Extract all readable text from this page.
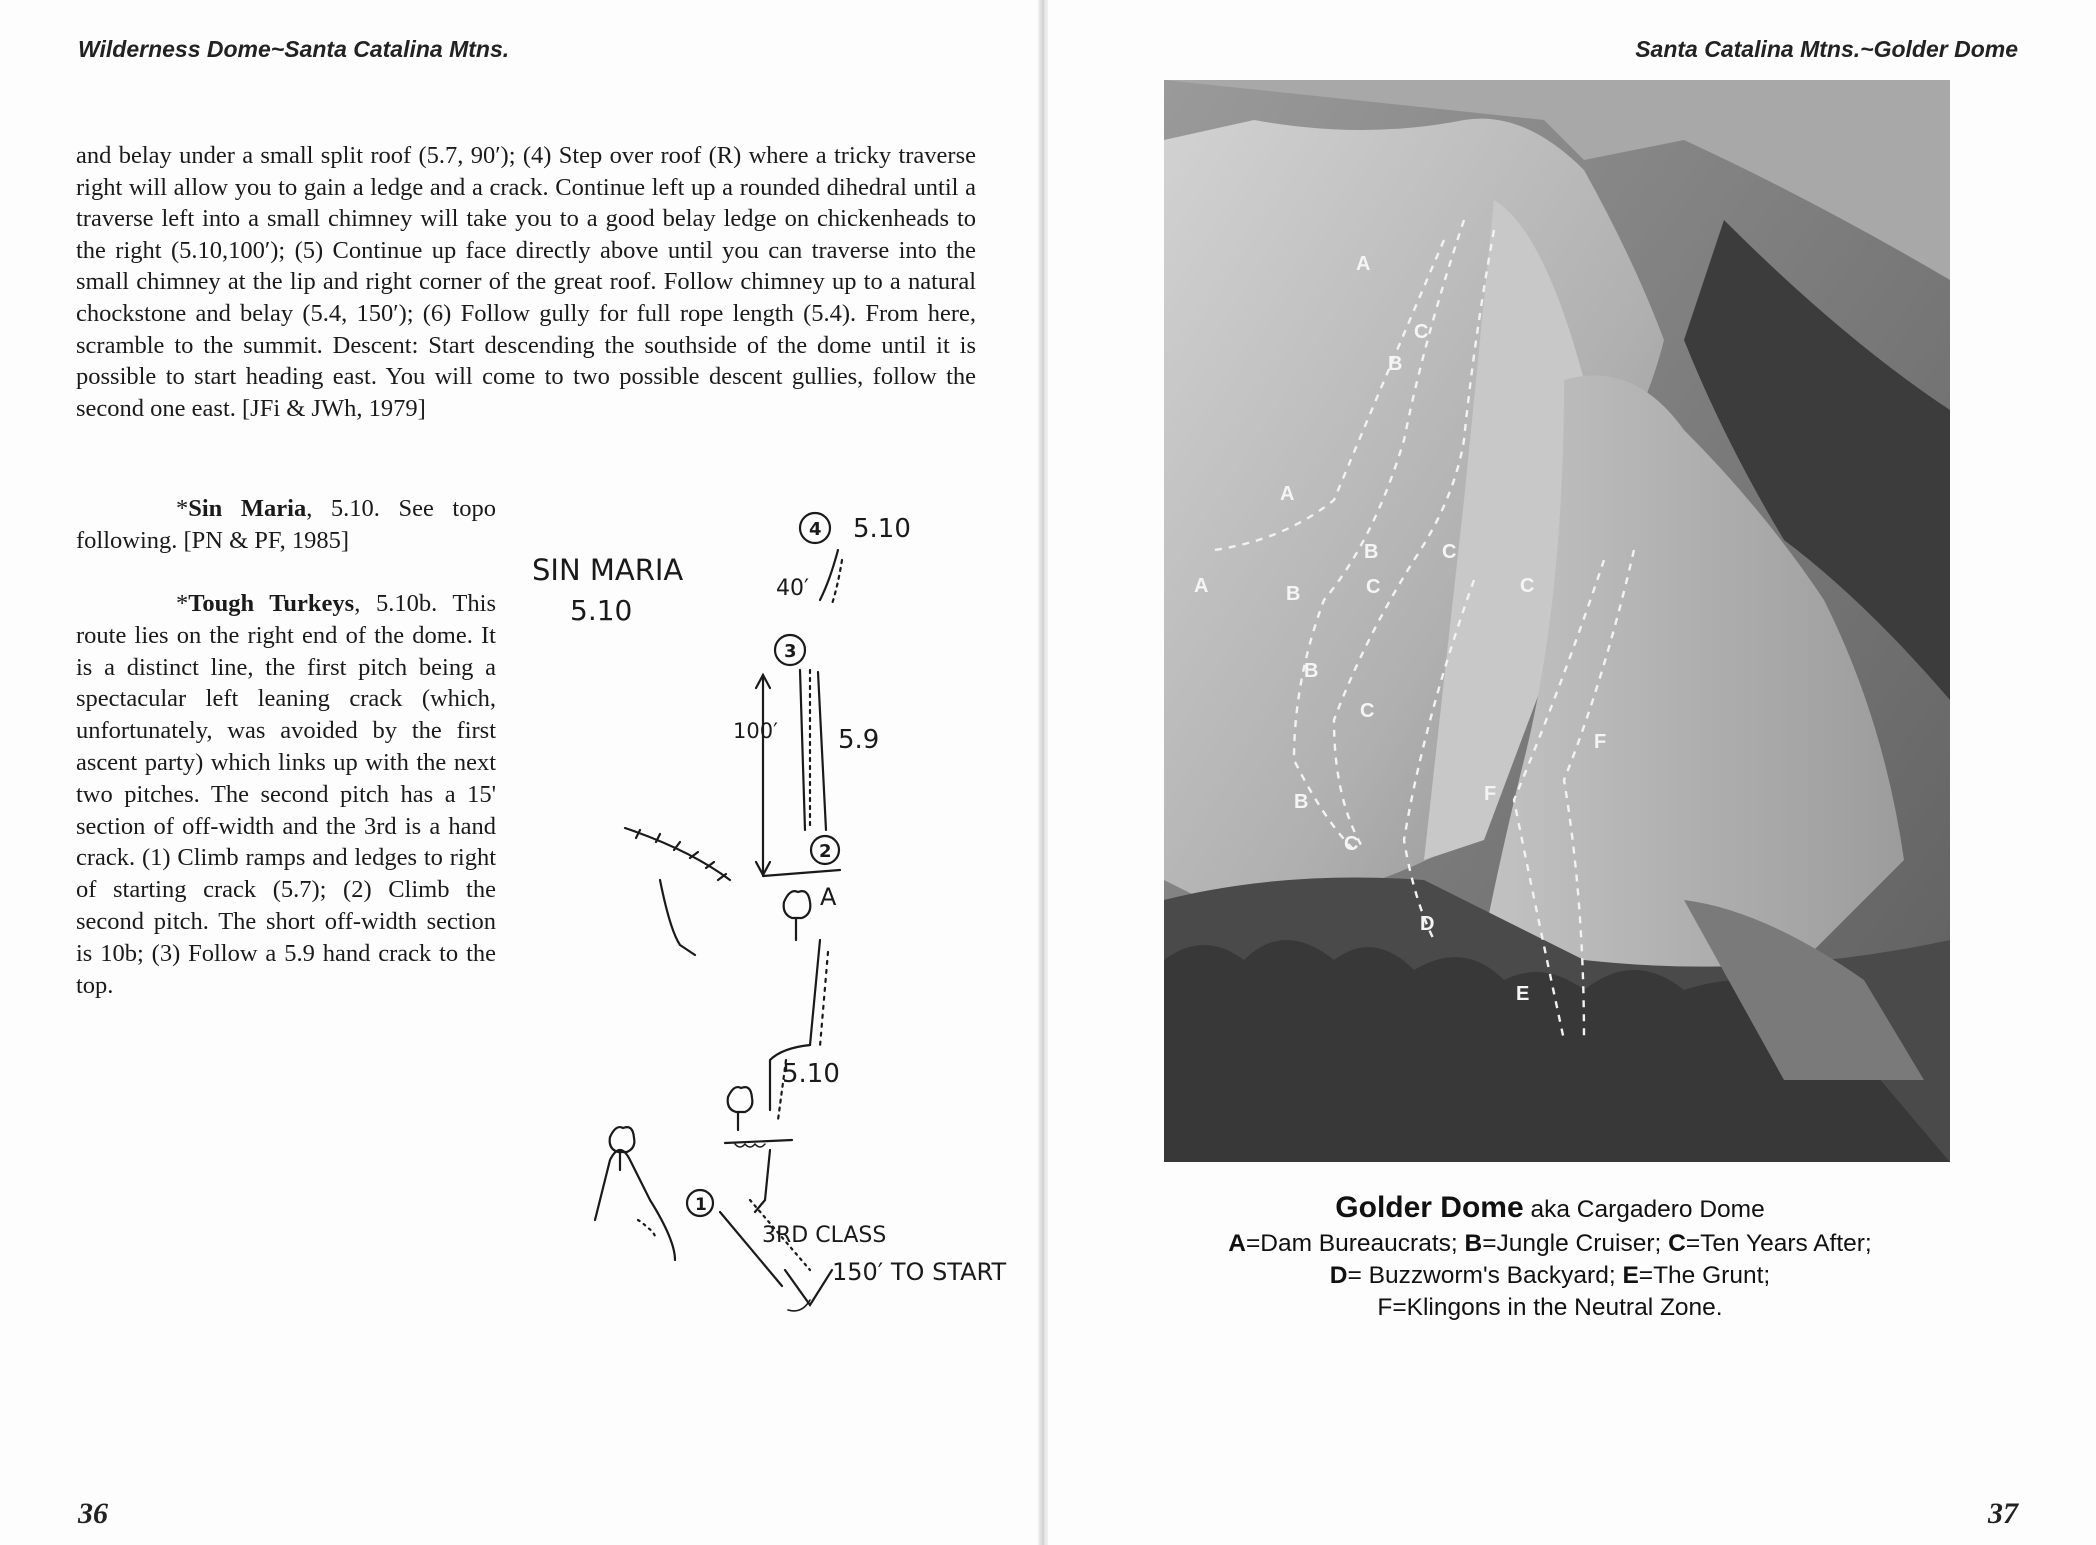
Wilderness Dome~Santa Catalina Mtns.
and belay under a small split roof (5.7, 90′); (4) Step over roof (R) where a tricky traverse right will allow you to gain a ledge and a crack. Continue left up a rounded dihedral until a traverse left into a small chimney will take you to a good belay ledge on chickenheads to the right (5.10,100′); (5) Continue up face directly above until you can traverse into the small chimney at the lip and right corner of the great roof. Follow chimney up to a natural chockstone and belay (5.4, 150′); (6) Follow gully for full rope length (5.4). From here, scramble to the summit. Descent: Start descending the southside of the dome until it is possible to start heading east. You will come to two possible descent gullies, follow the second one east. [JFi & JWh, 1979]
*Sin Maria, 5.10. See topo following. [PN & PF, 1985]
*Tough Turkeys, 5.10b. This route lies on the right end of the dome. It is a distinct line, the first pitch being a spectacular left leaning crack (which, unfortunately, was avoided by the first ascent party) which links up with the next two pitches. The second pitch has a 15' section of off-width and the 3rd is a hand crack. (1) Climb ramps and ledges to right of starting crack (5.7); (2) Climb the second pitch. The short off-width section is 10b; (3) Follow a 5.9 hand crack to the top.
SIN MARIA
5.10
4 5.10
40′
3
100′ 5.9
2
A
5.10
1
3RD CLASS
150′ TO START
36
Santa Catalina Mtns.~Golder Dome
A
A
A
B
B
B
B
B
C
C
C
C
C
C
D
E
F
F
Golder Dome aka Cargadero Dome
A=Dam Bureaucrats; B=Jungle Cruiser; C=Ten Years After;
D= Buzzworm's Backyard; E=The Grunt;
F=Klingons in the Neutral Zone.
37
